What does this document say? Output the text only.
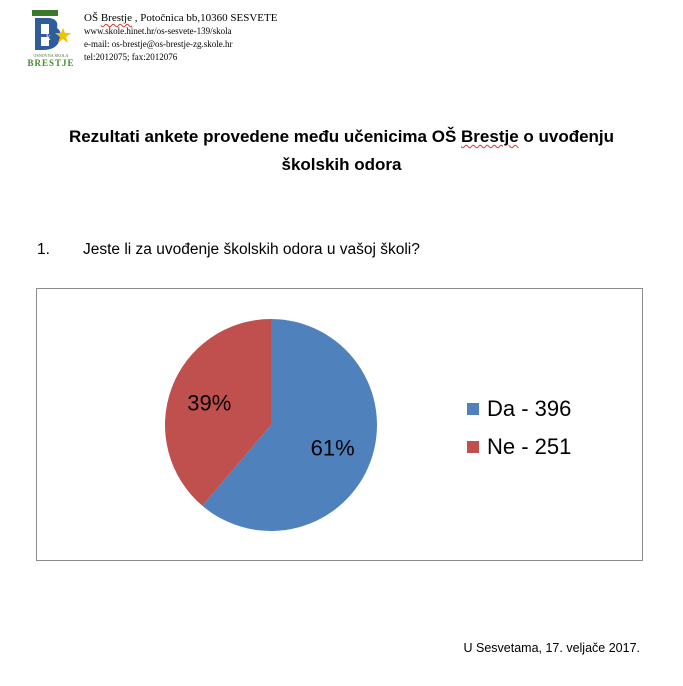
k
OSNOVNA ŠKOLA
BRESTJE
OŠ Brestje , Potočnica bb,10360 SESVETE
www.skole.hinet.hr/os-sesvete-139/skola
e-mail: os-brestje@os-brestje-zg.skole.hr
tel:2012075; fax:2012076
Rezultati ankete provedene među učenicima OŠ Brestje o uvođenju
školskih odora
1. Jeste li za uvođenje školskih odora u vašoj školi?
61%
39%	Da - 396
Ne - 251
U Sesvetama, 17. veljače 2017.
